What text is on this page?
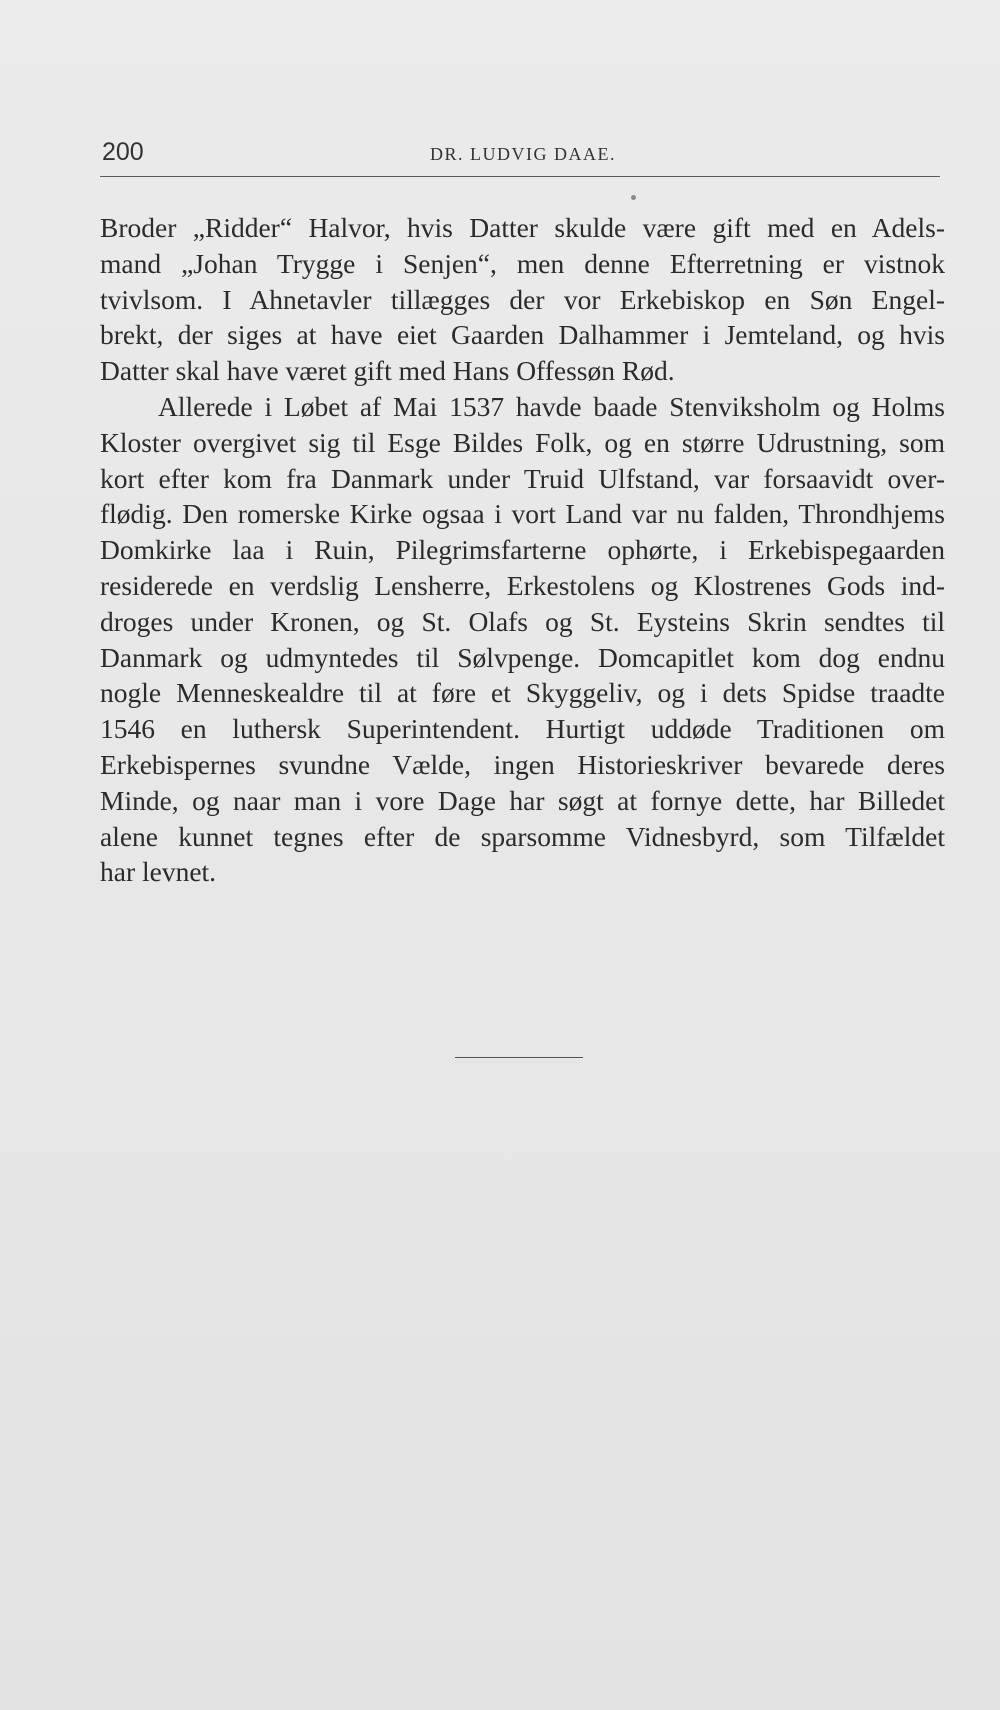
200	DR. LUDVIG DAAE.
Broder „Ridder“ Halvor, hvis Datter skulde være gift med en Adels-
mand „Johan Trygge i Senjen“, men denne Efterretning er vistnok
tvivlsom. I Ahnetavler tillægges der vor Erkebiskop en Søn Engel-
brekt, der siges at have eiet Gaarden Dalhammer i Jemteland, og hvis
Datter skal have været gift med Hans Offessøn Rød.
Allerede i Løbet af Mai 1537 havde baade Stenviksholm og Holms
Kloster overgivet sig til Esge Bildes Folk, og en større Udrustning, som
kort efter kom fra Danmark under Truid Ulfstand, var forsaavidt over-
flødig. Den romerske Kirke ogsaa i vort Land var nu falden, Throndhjems
Domkirke laa i Ruin, Pilegrimsfarterne ophørte, i Erkebispegaarden
residerede en verdslig Lensherre, Erkestolens og Klostrenes Gods ind-
droges under Kronen, og St. Olafs og St. Eysteins Skrin sendtes til
Danmark og udmyntedes til Sølvpenge. Domcapitlet kom dog endnu
nogle Menneskealdre til at føre et Skyggeliv, og i dets Spidse traadte
1546 en luthersk Superintendent. Hurtigt uddøde Traditionen om
Erkebispernes svundne Vælde, ingen Historieskriver bevarede deres
Minde, og naar man i vore Dage har søgt at fornye dette, har Billedet
alene kunnet tegnes efter de sparsomme Vidnesbyrd, som Tilfældet
har levnet.
